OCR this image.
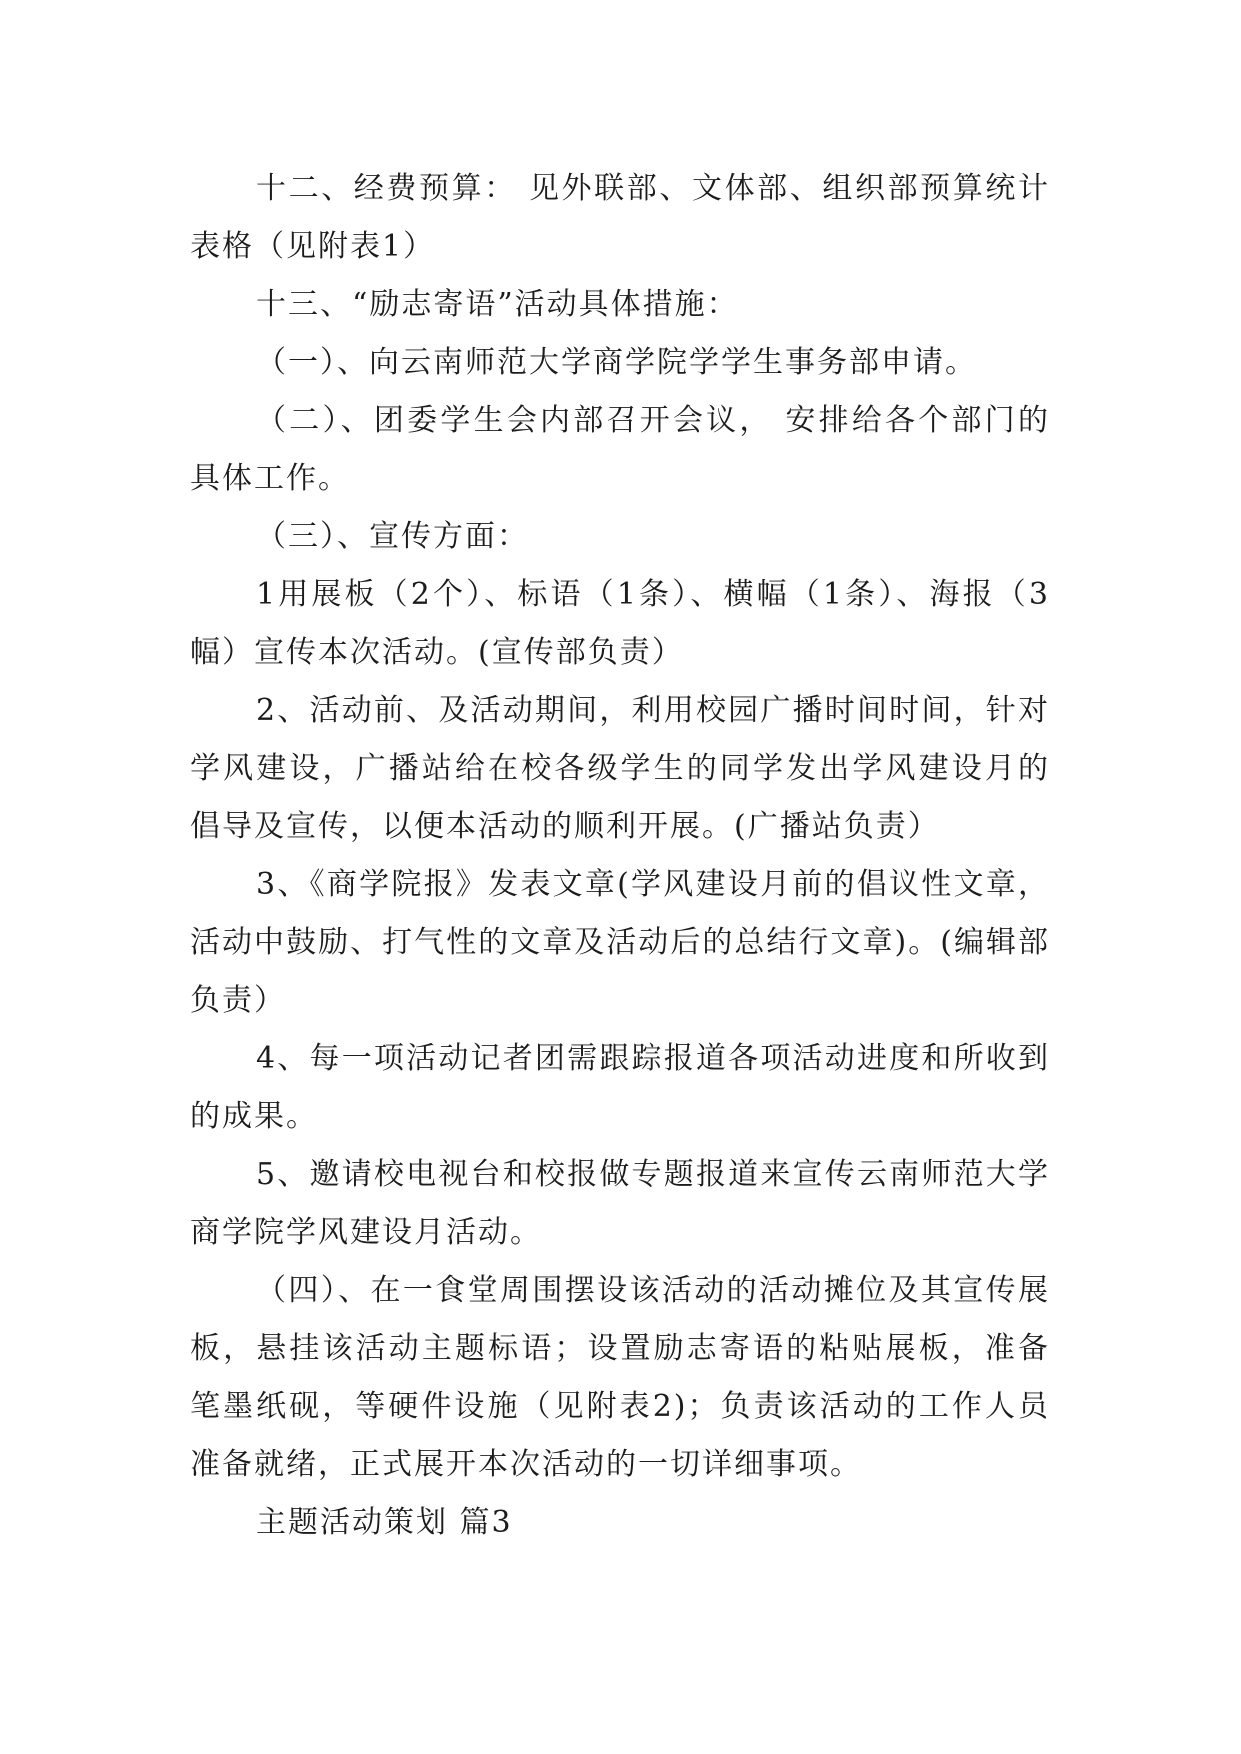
十二、经费预算： 见外联部、文体部、组织部预算统计表格（见附表1）

十三、“励志寄语”活动具体措施：

（一）、向云南师范大学商学院学学生事务部申请。

（二）、团委学生会内部召开会议， 安排给各个部门的具体工作。

（三）、宣传方面：

1用展板（2个）、标语（1条）、横幅（1条）、海报（3幅）宣传本次活动。(宣传部负责）

2、活动前、及活动期间，利用校园广播时间时间，针对学风建设，广播站给在校各级学生的同学发出学风建设月的倡导及宣传，以便本活动的顺利开展。(广播站负责）

3、《商学院报》发表文章(学风建设月前的倡议性文章，活动中鼓励、打气性的文章及活动后的总结行文章)。(编辑部负责）

4、每一项活动记者团需跟踪报道各项活动进度和所收到的成果。

5、邀请校电视台和校报做专题报道来宣传云南师范大学商学院学风建设月活动。

（四）、在一食堂周围摆设该活动的活动摊位及其宣传展板，悬挂该活动主题标语；设置励志寄语的粘贴展板，准备笔墨纸砚，等硬件设施（见附表2)；负责该活动的工作人员准备就绪，正式展开本次活动的一切详细事项。

主题活动策划 篇3
